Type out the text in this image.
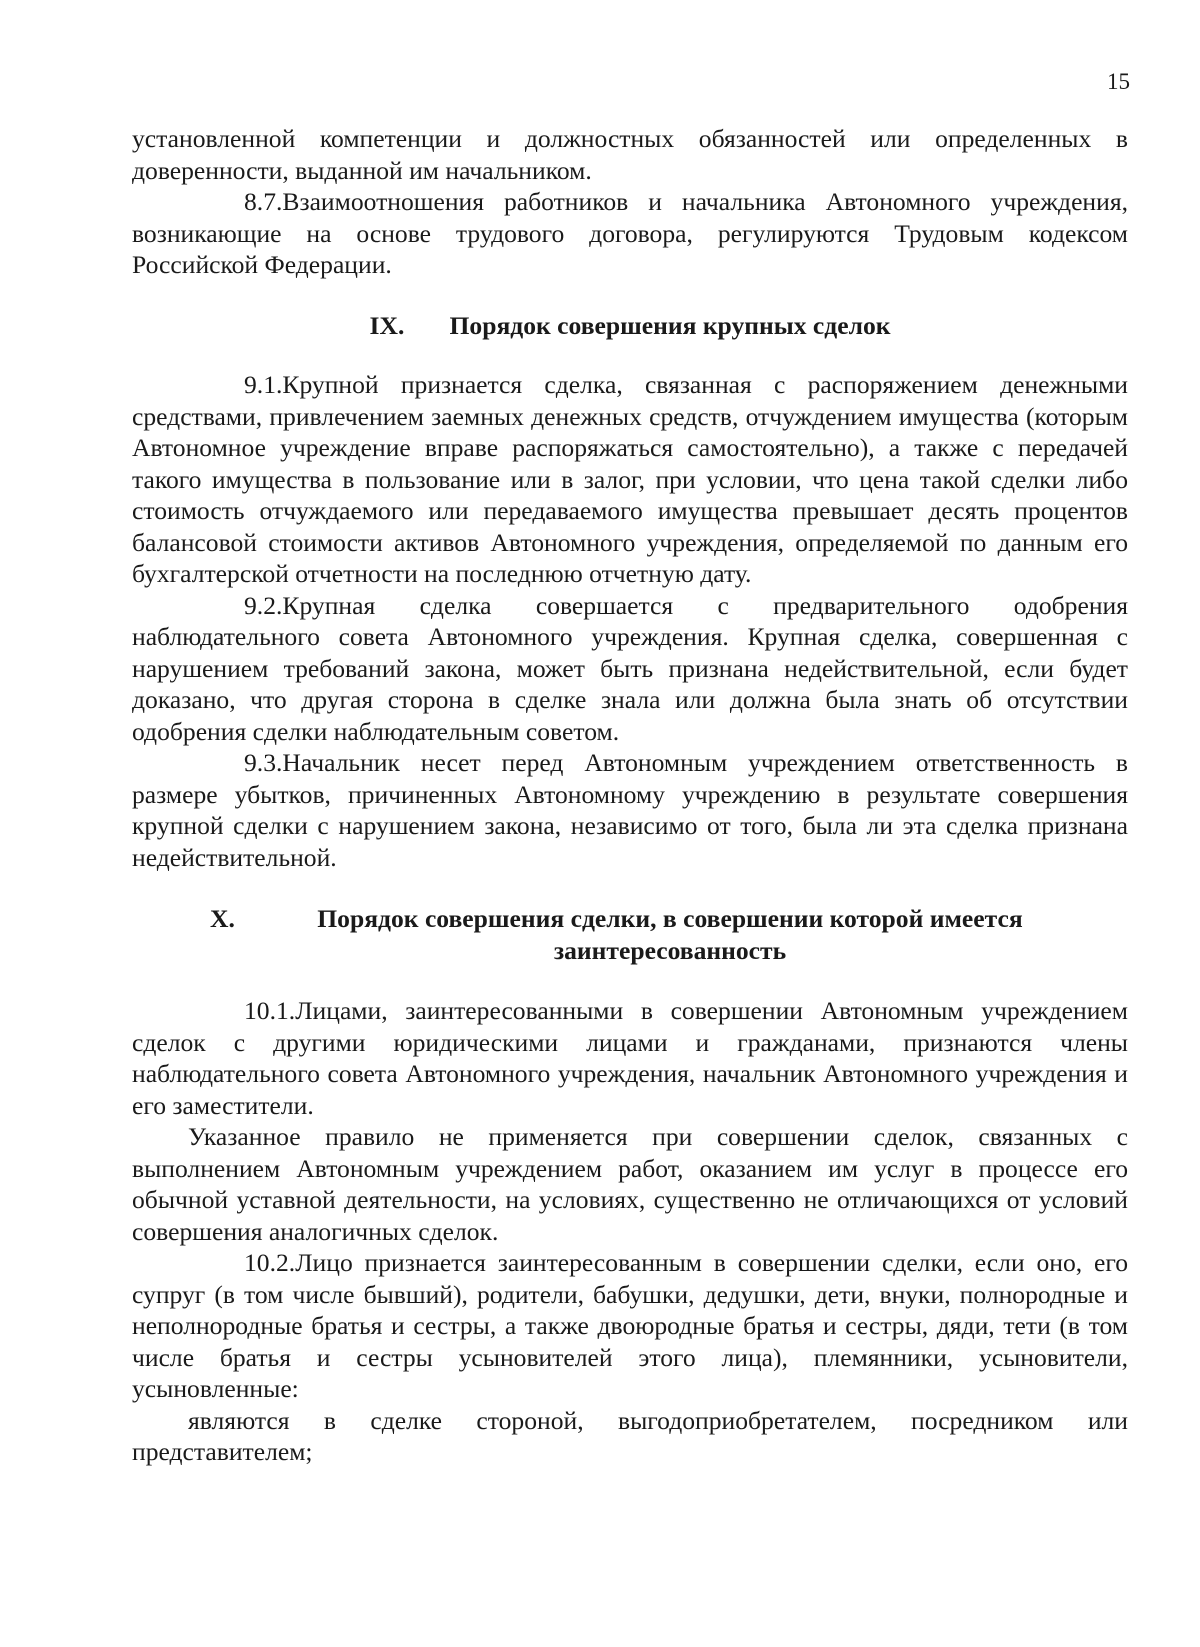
15

установленной компетенции и должностных обязанностей или определенных в доверенности, выданной им начальником.

8.7.Взаимоотношения работников и начальника Автономного учреждения, возникающие на основе трудового договора, регулируются Трудовым кодексом Российской Федерации.

IX.	Порядок совершения крупных сделок

9.1.Крупной признается сделка, связанная с распоряжением денежными средствами, привлечением заемных денежных средств, отчуждением имущества (которым Автономное учреждение вправе распоряжаться самостоятельно), а также с передачей такого имущества в пользование или в залог, при условии, что цена такой сделки либо стоимость отчуждаемого или передаваемого имущества превышает десять процентов балансовой стоимости активов Автономного учреждения, определяемой по данным его бухгалтерской отчетности на последнюю отчетную дату.

9.2.Крупная сделка совершается с предварительного одобрения наблюдательного совета Автономного учреждения. Крупная сделка, совершенная с нарушением требований закона, может быть признана недействительной, если будет доказано, что другая сторона в сделке знала или должна была знать об отсутствии одобрения сделки наблюдательным советом.

9.3.Начальник несет перед Автономным учреждением ответственность в размере убытков, причиненных Автономному учреждению в результате совершения крупной сделки с нарушением закона, независимо от того, была ли эта сделка признана недействительной.

X.	Порядок совершения сделки, в совершении которой имеется заинтересованность

10.1.Лицами, заинтересованными в совершении Автономным учреждением сделок с другими юридическими лицами и гражданами, признаются члены наблюдательного совета Автономного учреждения, начальник Автономного учреждения и его заместители.

Указанное правило не применяется при совершении сделок, связанных с выполнением Автономным учреждением работ, оказанием им услуг в процессе его обычной уставной деятельности, на условиях, существенно не отличающихся от условий совершения аналогичных сделок.

10.2.Лицо признается заинтересованным в совершении сделки, если оно, его супруг (в том числе бывший), родители, бабушки, дедушки, дети, внуки, полнородные и неполнородные братья и сестры, а также двоюродные братья и сестры, дяди, тети (в том числе братья и сестры усыновителей этого лица), племянники, усыновители, усыновленные:

являются в сделке стороной, выгодоприобретателем, посредником или представителем;
